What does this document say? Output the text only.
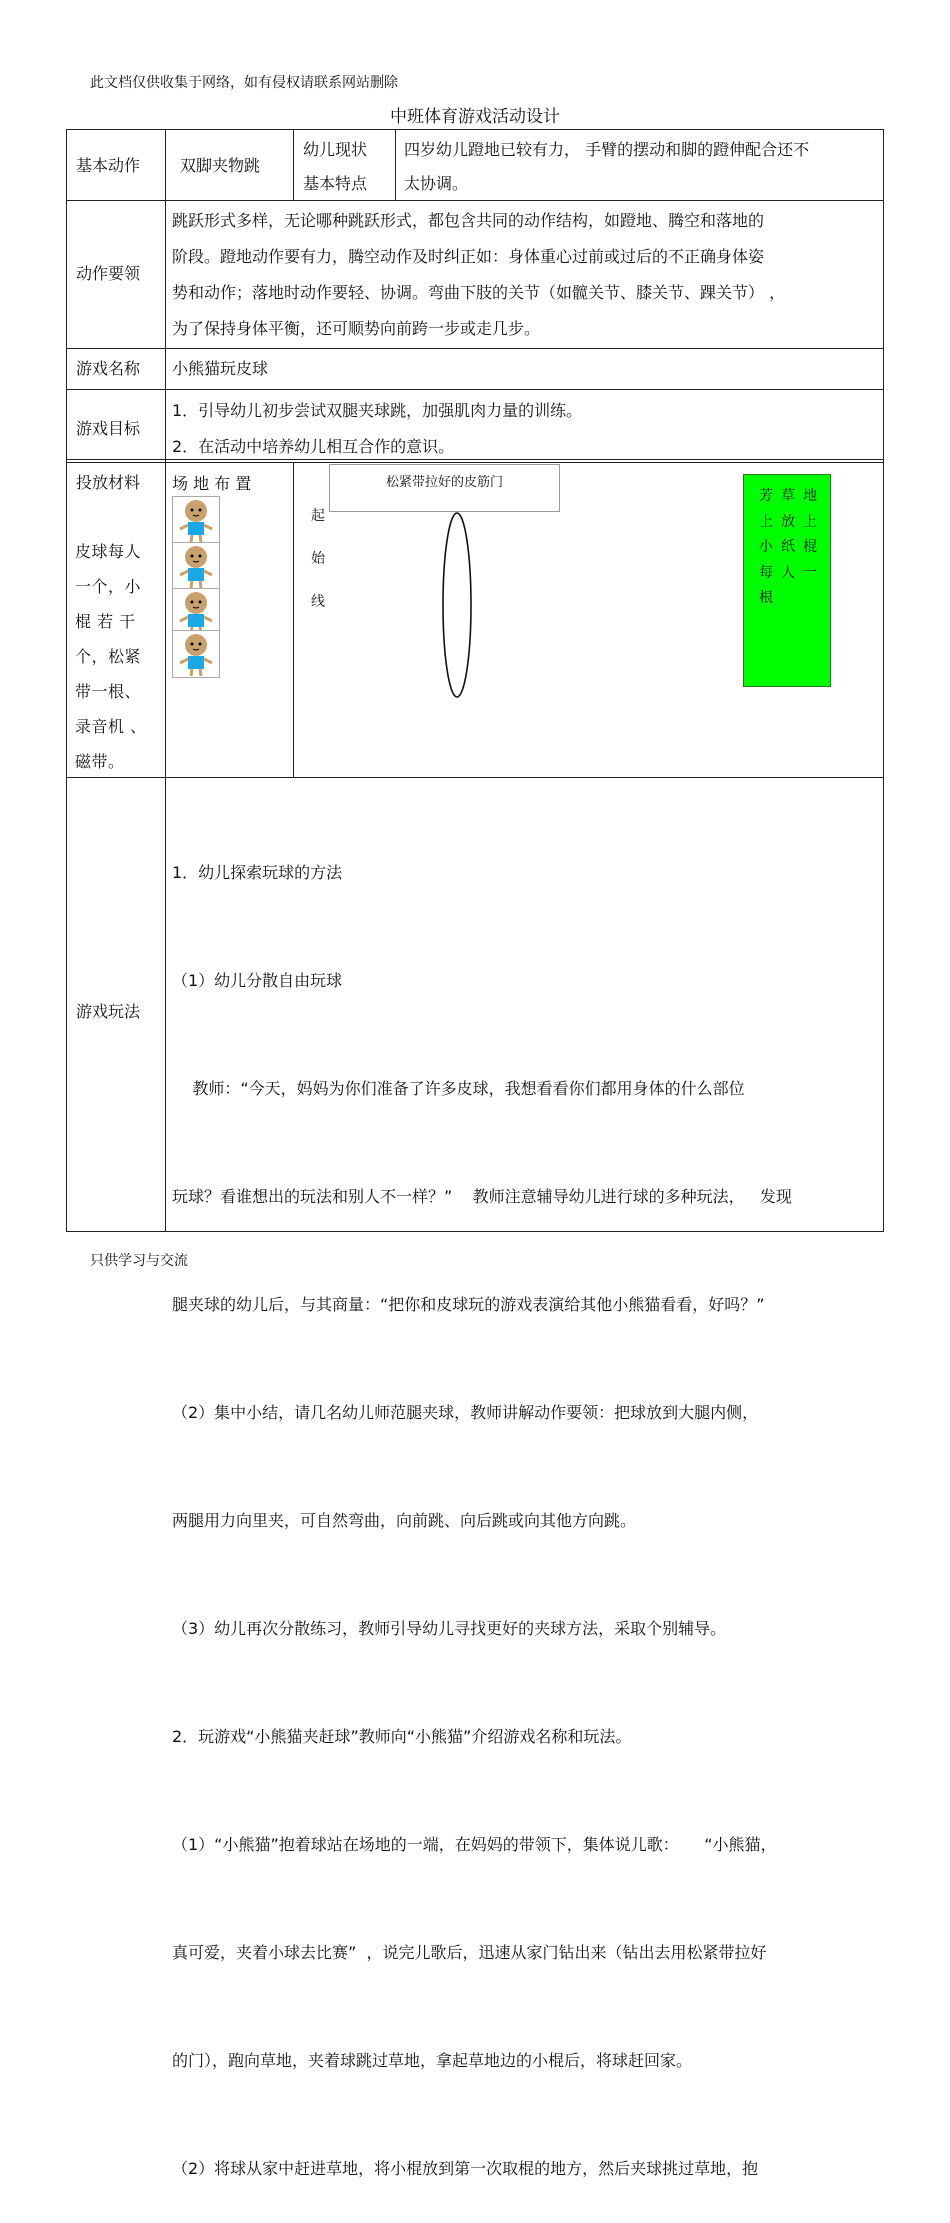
此文档仅供收集于网络，如有侵权请联系网站删除
中班体育游戏活动设计
基本动作 双脚夹物跳
幼儿现状
基本特点
四岁幼儿蹬地已较有力， 手臂的摆动和脚的蹬伸配合还不
太协调。
动作要领
跳跃形式多样，无论哪种跳跃形式，都包含共同的动作结构，如蹬地、腾空和落地的
阶段。蹬地动作要有力，腾空动作及时纠正如：身体重心过前或过后的不正确身体姿
势和动作；落地时动作要轻、协调。弯曲下肢的关节（如髋关节、膝关节、踝关节） ，
为了保持身体平衡，还可顺势向前跨一步或走几步。
游戏名称 小熊猫玩皮球
游戏目标
1．引导幼儿初步尝试双腿夹球跳，加强肌肉力量的训练。
2．在活动中培养幼儿相互合作的意识。
投放材料
皮球每人
一个，小
棍 若 干
个，松紧
带一根、
录音机 、
磁带。
场 地 布 置
起
始
线
松紧带拉好的皮筋门
芳
上
小
每
根
草
放
纸
人
地
上
棍
一
游戏玩法

1．幼儿探索玩球的方法

（1）幼儿分散自由玩球

教师：“今天，妈妈为你们准备了许多皮球，我想看看你们都用身体的什么部位

玩球？看谁想出的玩法和别人不一样？”    教师注意辅导幼儿进行球的多种玩法，   发现

腿夹球的幼儿后，与其商量：“把你和皮球玩的游戏表演给其他小熊猫看看，好吗？”

（2）集中小结，请几名幼儿师范腿夹球，教师讲解动作要领：把球放到大腿内侧，

两腿用力向里夹，可自然弯曲，向前跳、向后跳或向其他方向跳。

（3）幼儿再次分散练习，教师引导幼儿寻找更好的夹球方法，采取个别辅导。

2．玩游戏“小熊猫夹赶球”教师向“小熊猫”介绍游戏名称和玩法。

（1）“小熊猫”抱着球站在场地的一端，在妈妈的带领下，集体说儿歌：     “小熊猫，

真可爱，夹着小球去比赛”  ，说完儿歌后，迅速从家门钻出来（钻出去用松紧带拉好

的门），跑向草地，夹着球跳过草地，拿起草地边的小棍后，将球赶回家。

（2）将球从家中赶进草地，将小棍放到第一次取棍的地方，然后夹球挑过草地，抱

只供学习与交流
